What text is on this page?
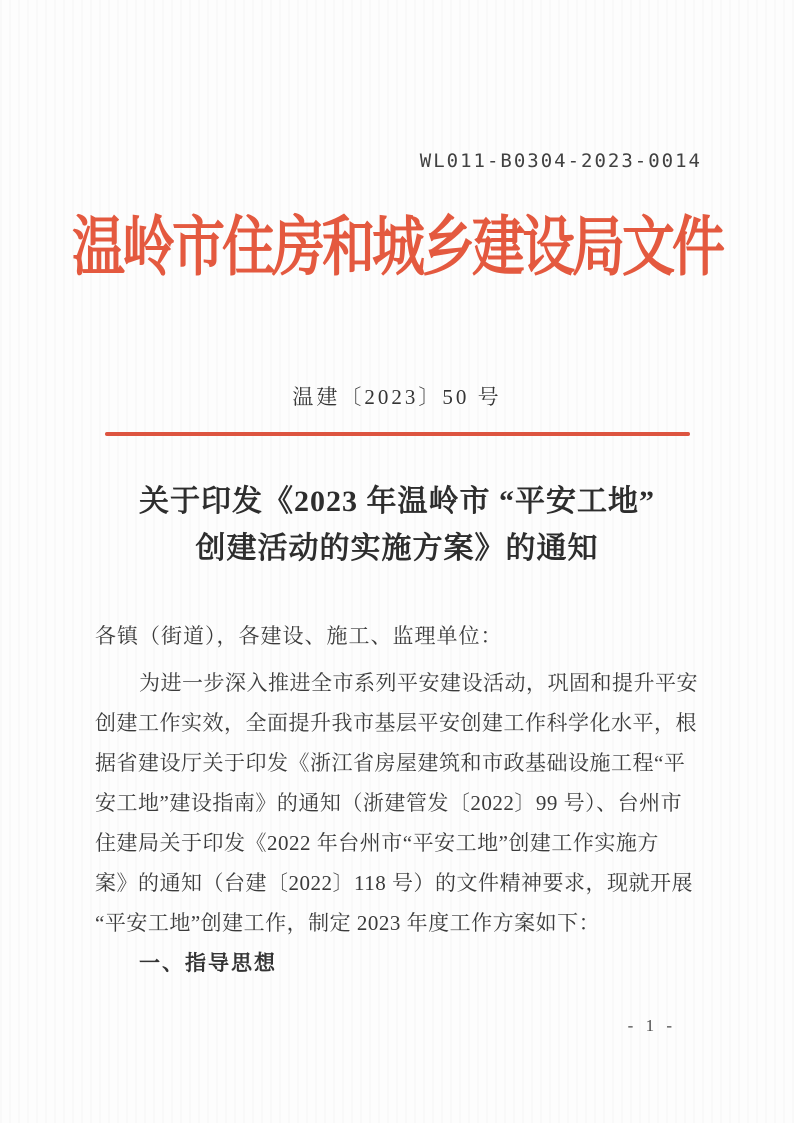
WL011-B0304-2023-0014
温岭市住房和城乡建设局文件
温建〔2023〕50 号
关于印发《2023 年温岭市 “平安工地”
创建活动的实施方案》的通知
各镇（街道），各建设、施工、监理单位：
为进一步深入推进全市系列平安建设活动，巩固和提升平安
创建工作实效，全面提升我市基层平安创建工作科学化水平，根
据省建设厅关于印发《浙江省房屋建筑和市政基础设施工程“平
安工地”建设指南》的通知（浙建管发〔2022〕99 号）、台州市
住建局关于印发《2022 年台州市“平安工地”创建工作实施方
案》的通知（台建〔2022〕118 号）的文件精神要求，现就开展
“平安工地”创建工作，制定 2023 年度工作方案如下：
一、指导思想
- 1 -
